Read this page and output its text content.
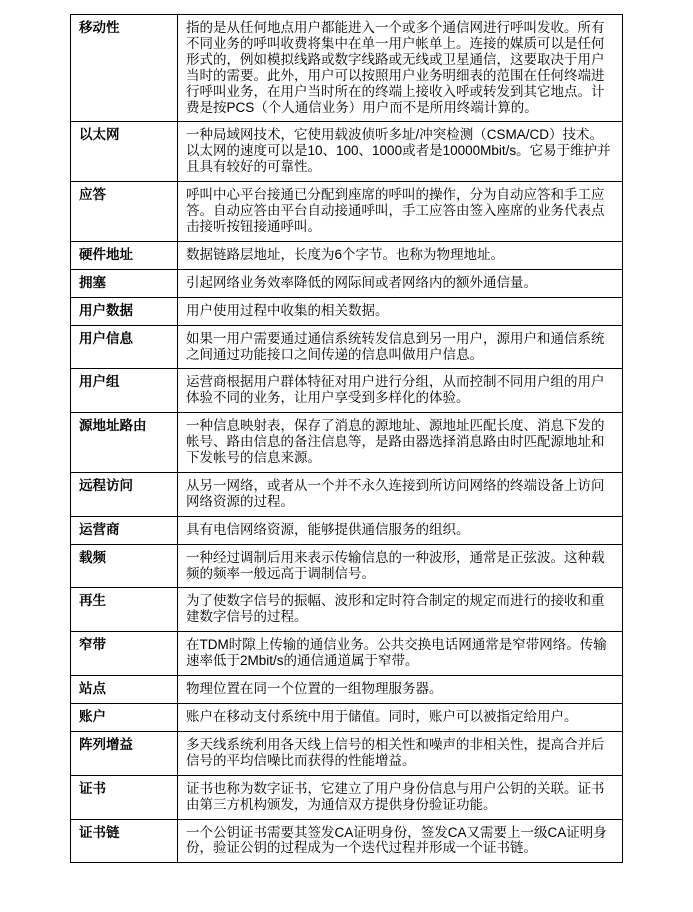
移动性	指的是从任何地点用户都能进入一个或多个通信网进行呼叫发收。所有不同业务的呼叫收费将集中在单一用户帐单上。连接的媒质可以是任何形式的，例如模拟线路或数字线路或无线或卫星通信，这要取决于用户当时的需要。此外，用户可以按照用户业务明细表的范围在任何终端进行呼叫业务，在用户当时所在的终端上接收入呼或转发到其它地点。计费是按PCS（个人通信业务）用户而不是所用终端计算的。
以太网	一种局域网技术，它使用载波侦听多址/冲突检测（CSMA/CD）技术。以太网的速度可以是10、100、1000或者是10000Mbit/s。它易于维护并且具有较好的可靠性。
应答	呼叫中心平台接通已分配到座席的呼叫的操作，分为自动应答和手工应答。自动应答由平台自动接通呼叫，手工应答由签入座席的业务代表点击接听按钮接通呼叫。
硬件地址	数据链路层地址，长度为6个字节。也称为物理地址。
拥塞	引起网络业务效率降低的网际间或者网络内的额外通信量。
用户数据	用户使用过程中收集的相关数据。
用户信息	如果一用户需要通过通信系统转发信息到另一用户，源用户和通信系统之间通过功能接口之间传递的信息叫做用户信息。
用户组	运营商根据用户群体特征对用户进行分组，从而控制不同用户组的用户体验不同的业务，让用户享受到多样化的体验。
源地址路由	一种信息映射表，保存了消息的源地址、源地址匹配长度、消息下发的帐号、路由信息的备注信息等，是路由器选择消息路由时匹配源地址和下发帐号的信息来源。
远程访问	从另一网络，或者从一个并不永久连接到所访问网络的终端设备上访问网络资源的过程。
运营商	具有电信网络资源，能够提供通信服务的组织。
载频	一种经过调制后用来表示传输信息的一种波形，通常是正弦波。这种载频的频率一般远高于调制信号。
再生	为了使数字信号的振幅、波形和定时符合制定的规定而进行的接收和重建数字信号的过程。
窄带	在TDM时隙上传输的通信业务。公共交换电话网通常是窄带网络。传输速率低于2Mbit/s的通信通道属于窄带。
站点	物理位置在同一个位置的一组物理服务器。
账户	账户在移动支付系统中用于储值。同时，账户可以被指定给用户。
阵列增益	多天线系统利用各天线上信号的相关性和噪声的非相关性，提高合并后信号的平均信噪比而获得的性能增益。
证书	证书也称为数字证书，它建立了用户身份信息与用户公钥的关联。证书由第三方机构颁发，为通信双方提供身份验证功能。
证书链	一个公钥证书需要其签发CA证明身份，签发CA又需要上一级CA证明身份，验证公钥的过程成为一个迭代过程并形成一个证书链。
